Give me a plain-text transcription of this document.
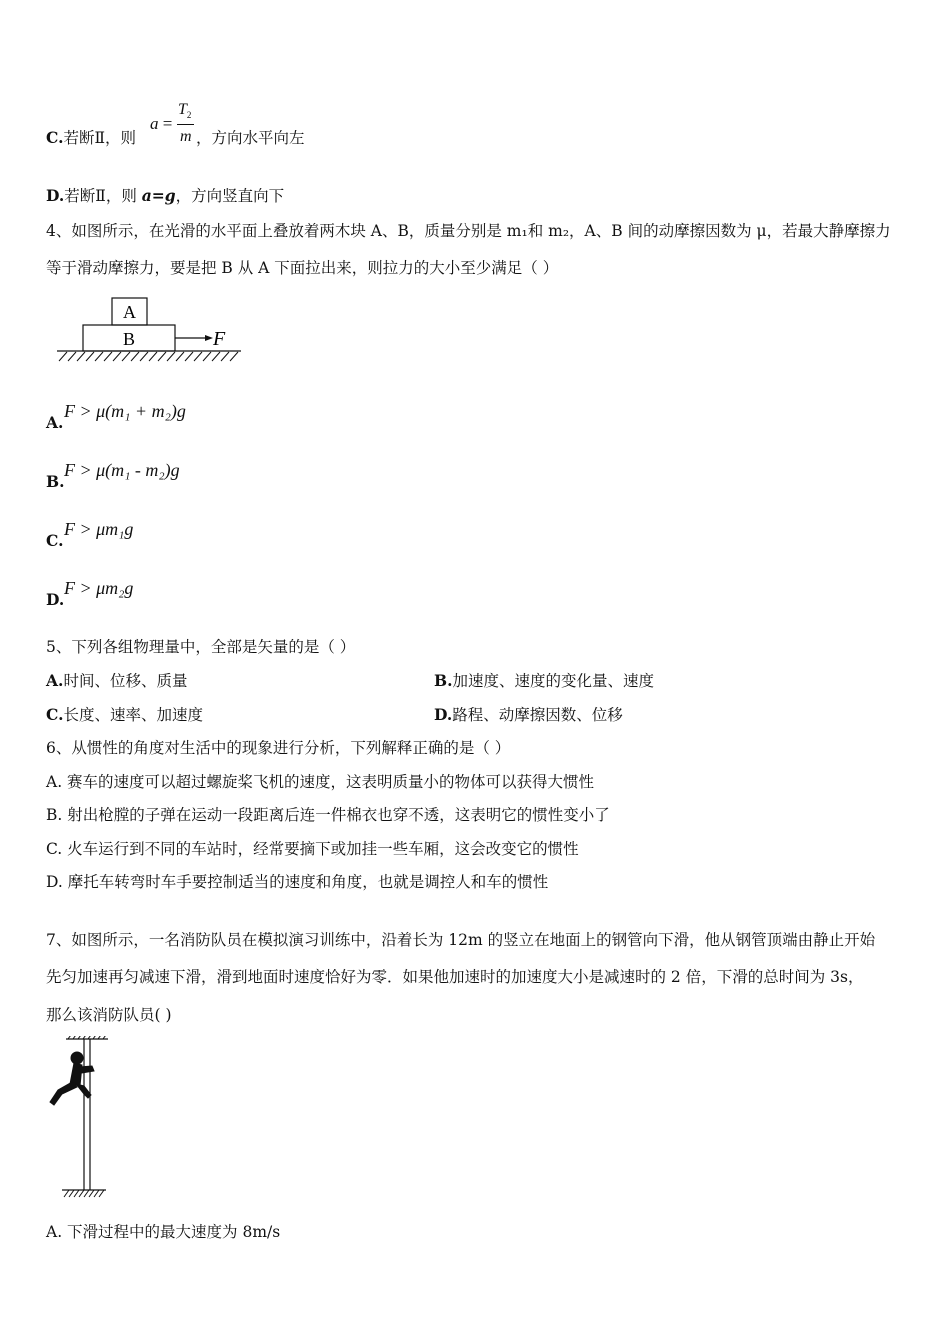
C.若断Ⅱ，则
a =
$T_2$
m ，方向水平向左
D.若断Ⅱ，则 a=g，方向竖直向下
4、如图所示，在光滑的水平面上叠放着两木块 A、B，质量分别是 m₁和 m₂，A、B 间的动摩擦因数为 μ，若最大静摩擦力
等于滑动摩擦力，要是把 B 从 A 下面拉出来，则拉力的大小至少满足（ ）
A
B	F
A.
F > μ(m₁ + m₂)g
B.
F > μ(m₁ - m₂)g
C.
F > μm₁g
D.
F > μm₂g
5、下列各组物理量中，全部是矢量的是（ ）
A.时间、位移、质量	B.加速度、速度的变化量、速度
C.长度、速率、加速度	D.路程、动摩擦因数、位移
6、从惯性的角度对生活中的现象进行分析，下列解释正确的是（ ）
A. 赛车的速度可以超过螺旋桨飞机的速度，这表明质量小的物体可以获得大惯性
B. 射出枪膛的子弹在运动一段距离后连一件棉衣也穿不透，这表明它的惯性变小了
C. 火车运行到不同的车站时，经常要摘下或加挂一些车厢，这会改变它的惯性
D. 摩托车转弯时车手要控制适当的速度和角度，也就是调控人和车的惯性
7、如图所示，一名消防队员在模拟演习训练中，沿着长为 12m 的竖立在地面上的钢管向下滑，他从钢管顶端由静止开始
先匀加速再匀减速下滑，滑到地面时速度恰好为零．如果他加速时的加速度大小是减速时的 2 倍，下滑的总时间为 3s，
那么该消防队员( )
A. 下滑过程中的最大速度为 8m/s
